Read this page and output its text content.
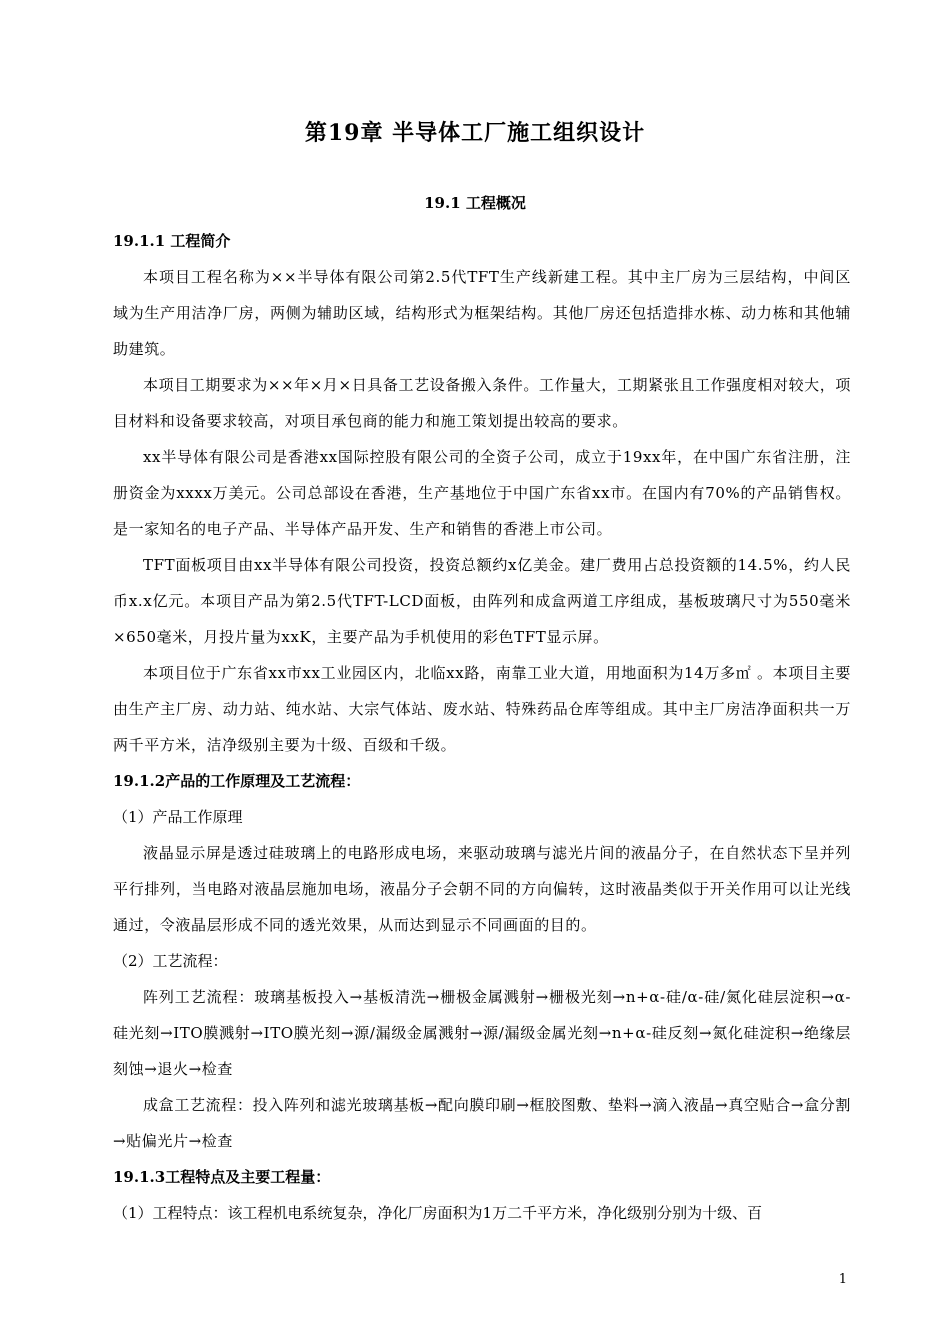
第19章 半导体工厂施工组织设计
19.1 工程概况
19.1.1 工程简介

本项目工程名称为××半导体有限公司第2.5代TFT生产线新建工程。其中主厂房为三层结构，中间区域为生产用洁净厂房，两侧为辅助区域，结构形式为框架结构。其他厂房还包括造排水栋、动力栋和其他辅助建筑。

本项目工期要求为××年×月×日具备工艺设备搬入条件。工作量大，工期紧张且工作强度相对较大，项目材料和设备要求较高，对项目承包商的能力和施工策划提出较高的要求。

xx半导体有限公司是香港xx国际控股有限公司的全资子公司，成立于19xx年，在中国广东省注册，注册资金为xxxx万美元。公司总部设在香港，生产基地位于中国广东省xx市。在国内有70%的产品销售权。是一家知名的电子产品、半导体产品开发、生产和销售的香港上市公司。

TFT面板项目由xx半导体有限公司投资，投资总额约x亿美金。建厂费用占总投资额的14.5%，约人民币x.x亿元。本项目产品为第2.5代TFT-LCD面板，由阵列和成盒两道工序组成，基板玻璃尺寸为550毫米×650毫米，月投片量为xxK，主要产品为手机使用的彩色TFT显示屏。

本项目位于广东省xx市xx工业园区内，北临xx路，南靠工业大道，用地面积为14万多㎡ 。本项目主要由生产主厂房、动力站、纯水站、大宗气体站、废水站、特殊药品仓库等组成。其中主厂房洁净面积共一万两千平方米，洁净级别主要为十级、百级和千级。

19.1.2产品的工作原理及工艺流程：
（1）产品工作原理

液晶显示屏是透过硅玻璃上的电路形成电场，来驱动玻璃与滤光片间的液晶分子，在自然状态下呈并列平行排列，当电路对液晶层施加电场，液晶分子会朝不同的方向偏转，这时液晶类似于开关作用可以让光线通过，令液晶层形成不同的透光效果，从而达到显示不同画面的目的。

（2）工艺流程：

阵列工艺流程：玻璃基板投入→基板清洗→栅极金属溅射→栅极光刻→n+α-硅/α-硅/氮化硅层淀积→α-硅光刻→ITO膜溅射→ITO膜光刻→源/漏级金属溅射→源/漏级金属光刻→n+α-硅反刻→氮化硅淀积→绝缘层刻蚀→退火→检查

成盒工艺流程：投入阵列和滤光玻璃基板→配向膜印刷→框胶图敷、垫料→滴入液晶→真空贴合→盒分割→贴偏光片→检查

19.1.3工程特点及主要工程量：
（1）工程特点：该工程机电系统复杂，净化厂房面积为1万二千平方米，净化级别分别为十级、百
1
